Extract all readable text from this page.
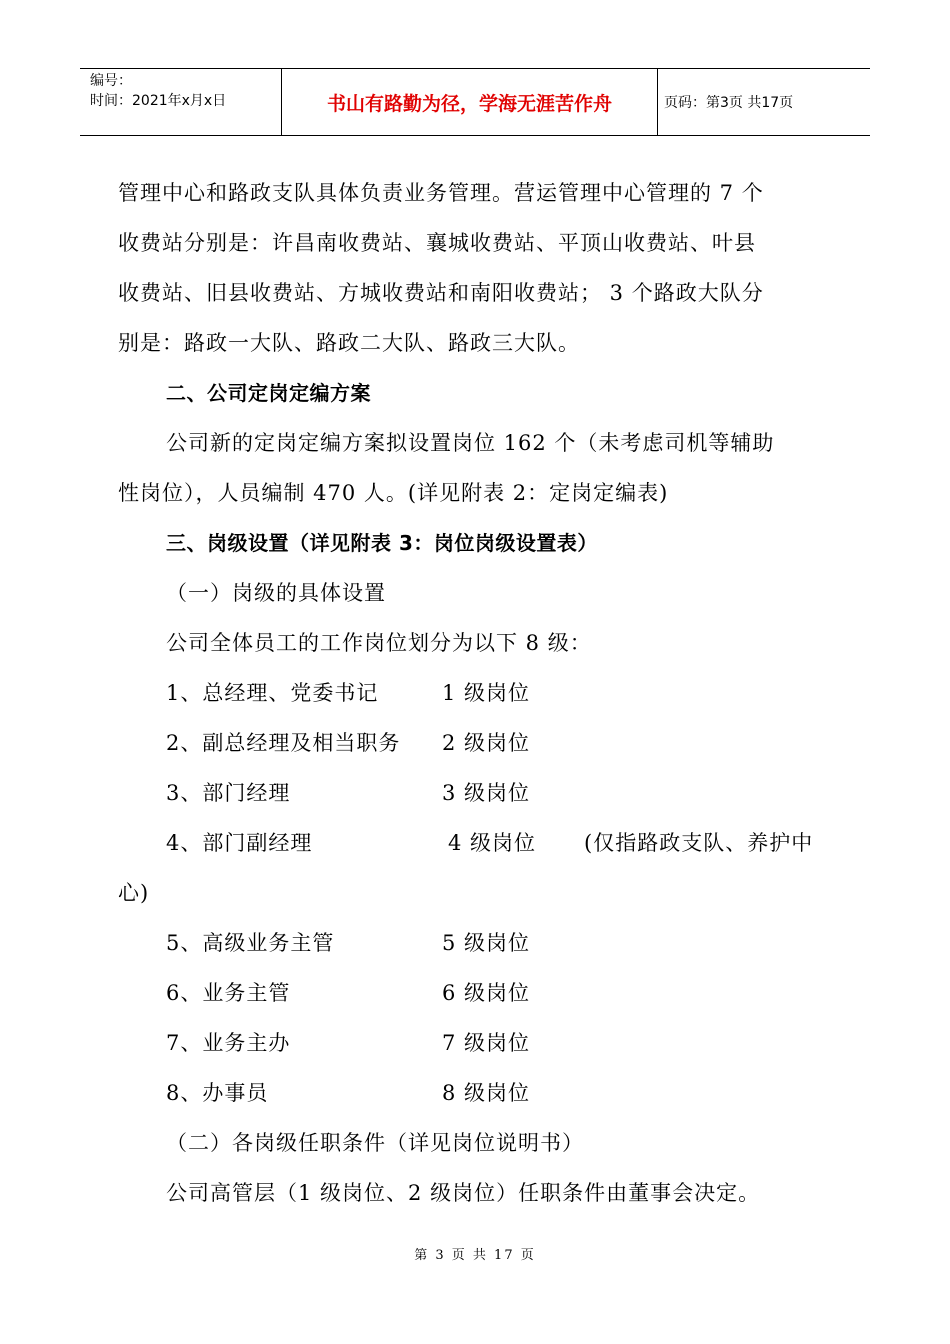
编号：
时间：2021年x月x日	书山有路勤为径，学海无涯苦作舟	页码：第3页 共17页
管理中心和路政支队具体负责业务管理。营运管理中心管理的 7 个
收费站分别是：许昌南收费站、襄城收费站、平顶山收费站、叶县
收费站、旧县收费站、方城收费站和南阳收费站； 3 个路政大队分
别是：路政一大队、路政二大队、路政三大队。
二、公司定岗定编方案
公司新的定岗定编方案拟设置岗位 162 个（未考虑司机等辅助
性岗位），人员编制 470 人。(详见附表 2：定岗定编表)
三、岗级设置（详见附表 3：岗位岗级设置表）
（一）岗级的具体设置
公司全体员工的工作岗位划分为以下 8 级：
1、总经理、党委书记	1 级岗位
2、副总经理及相当职务 2 级岗位
3、部门经理	3 级岗位
4、部门副经理	4 级岗位 (仅指路政支队、养护中
心)
5、高级业务主管	5 级岗位
6、业务主管	6 级岗位
7、业务主办	7 级岗位
8、办事员	8 级岗位
（二）各岗级任职条件（详见岗位说明书）
公司高管层（1 级岗位、2 级岗位）任职条件由董事会决定。
第 3 页 共 17 页
